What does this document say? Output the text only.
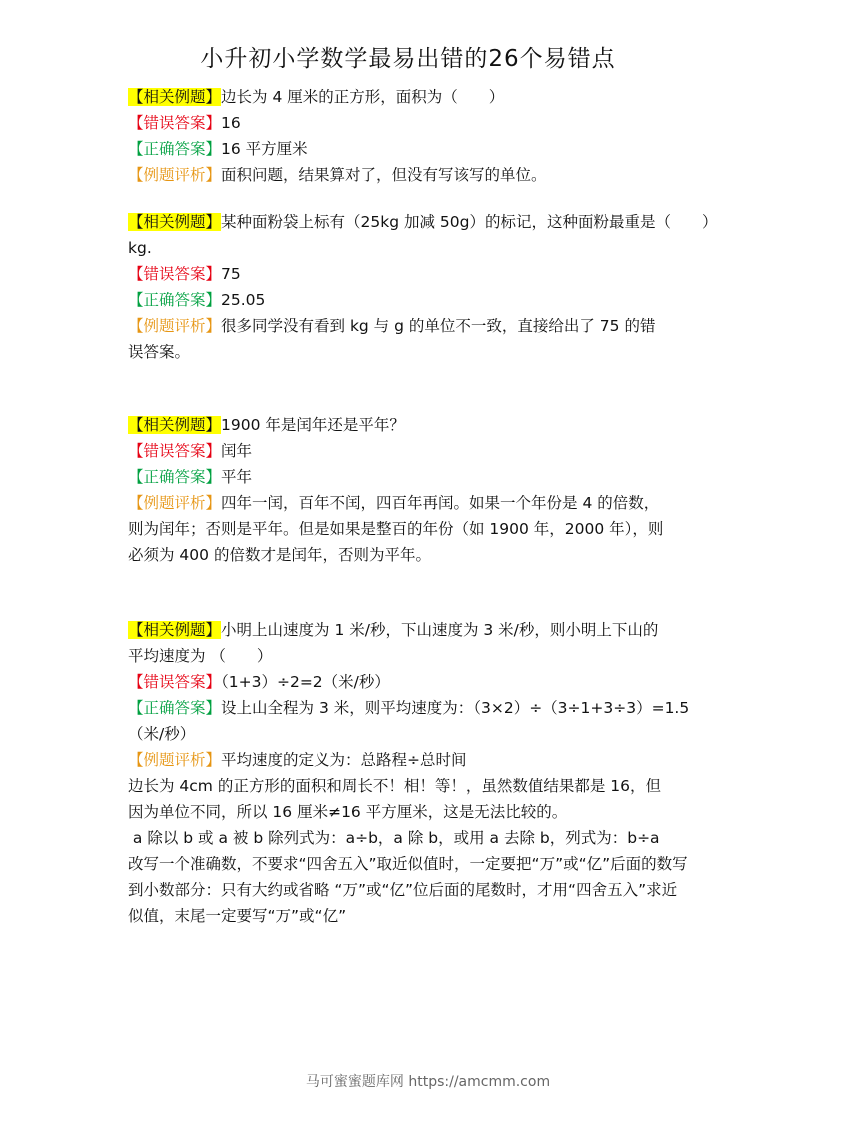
小升初小学数学最易出错的26个易错点
【相关例题】边长为 4 厘米的正方形，面积为（　　）
【错误答案】16
【正确答案】16 平方厘米
【例题评析】面积问题，结果算对了，但没有写该写的单位。
【相关例题】某种面粉袋上标有（25kg 加减 50g）的标记，这种面粉最重是（　　）
kg.
【错误答案】75
【正确答案】25.05
【例题评析】很多同学没有看到 kg 与 g 的单位不一致，直接给出了 75 的错
误答案。
【相关例题】1900 年是闰年还是平年？
【错误答案】闰年
【正确答案】平年
【例题评析】四年一闰，百年不闰，四百年再闰。如果一个年份是 4 的倍数，
则为闰年；否则是平年。但是如果是整百的年份（如 1900 年，2000 年），则
必须为 400 的倍数才是闰年，否则为平年。
【相关例题】小明上山速度为 1 米/秒，下山速度为 3 米/秒，则小明上下山的
平均速度为 （　　）
【错误答案】（1+3）÷2=2（米/秒）
【正确答案】设上山全程为 3 米，则平均速度为：（3×2）÷（3÷1+3÷3）=1.5
（米/秒）
【例题评析】平均速度的定义为：总路程÷总时间
边长为 4cm 的正方形的面积和周长不！相！等！，虽然数值结果都是 16，但
因为单位不同，所以 16 厘米≠16 平方厘米，这是无法比较的。
a 除以 b 或 a 被 b 除列式为：a÷b，a 除 b，或用 a 去除 b，列式为：b÷a
改写一个准确数，不要求“四舍五入”取近似值时，一定要把“万”或“亿”后面的数写
到小数部分：只有大约或省略 “万”或“亿”位后面的尾数时，才用“四舍五入”求近
似值，末尾一定要写“万”或“亿”
马可蜜蜜题库网 https://amcmm.com
